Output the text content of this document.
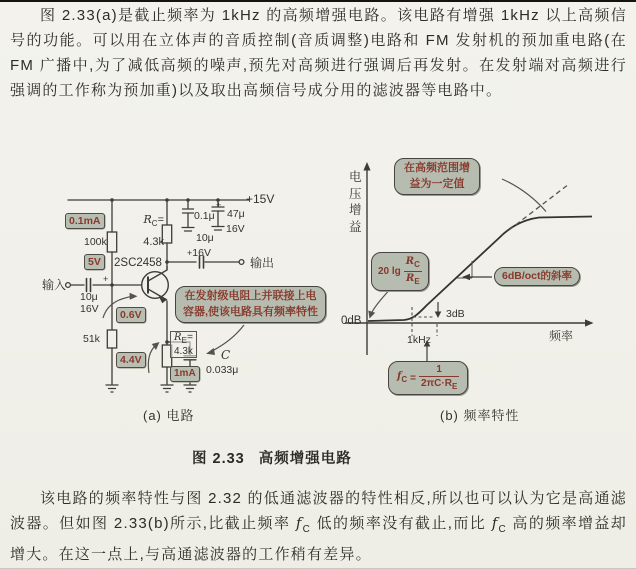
图 2.33(a)是截止频率为 1kHz 的高频增强电路。该电路有增强 1kHz 以上高频信号的功能。可以用在立体声的音质控制(音质调整)电路和 FM 发射机的预加重电路(在 FM 广播中,为了减低高频的噪声,预先对高频进行强调后再发射。在发射端对高频进行强调的工作称为预加重)以及取出高频信号成分用的滤波器等电路中。

+15V
0.1mA
100k
5V	2SC2458
$R_C=$
4.3k
输入	+
10μ
16V	0.6V
51k
4.4V
0.1μ
+
47μ
16V
10μ
+16V
输出
$R_E=$
4.3k
1mA
C
0.033μ
在发射级电阻上并联接上电
容器,使该电路具有频率特性
(a) 电路
电压增益
0dB
1kHz
3dB
频率
在高频范围增
益为一定值
20 $\lg \frac{R_C}{R_E}$	6dB/oct的斜率
$f_C = \frac{1}{2\pi C\cdot R_E}$
(b) 频率特性
图 2.33 高频增强电路

该电路的频率特性与图 2.32 的低通滤波器的特性相反,所以也可以认为它是高通滤波器。但如图 2.33(b)所示,比截止频率 $f_C$ 低的频率没有截止,而比 $f_C$ 高的频率增益却增大。在这一点上,与高通滤波器的工作稍有差异。
